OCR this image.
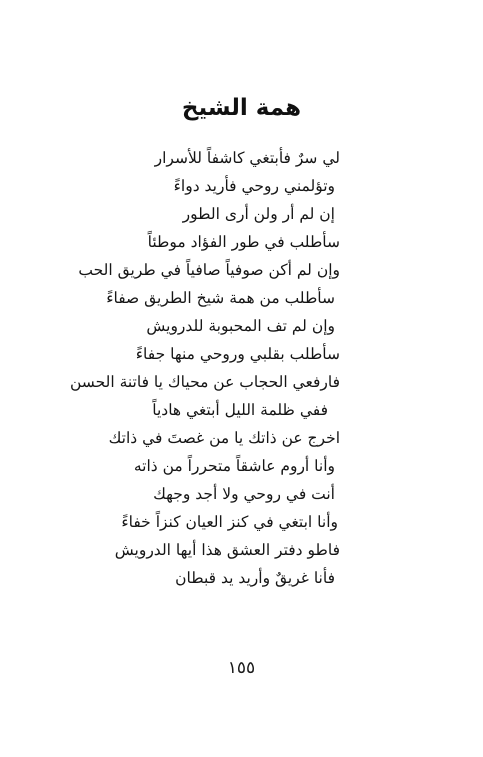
همة الشيخ
لي سرٌ فأبتغي كاشفاً للأسرار
وتؤلمني روحي فأريد دواءً
إن لم أر ولن أرى الطور
سأطلب في طور الفؤاد موطئاً
وإن لم أكن صوفياً صافياً في طريق الحب
سأطلب من همة شيخ الطريق صفاءً
وإن لم تف المحبوبة للدرويش
سأطلب بقلبي وروحي منها جفاءً
فارفعي الحجاب عن محياك يا فاتنة الحسن
ففي ظلمة الليل أبتغي هادياً
اخرج عن ذاتك يا من غصتَ في ذاتك
وأنا أروم عاشقاً متحرراً من ذاته
أنت في روحي ولا أجد وجهك
وأنا ابتغي في كنز العيان كنزاً خفاءً
فاطو دفتر العشق هذا أيها الدرويش
فأنا غريقٌ وأريد يد قبطان
١٥٥
